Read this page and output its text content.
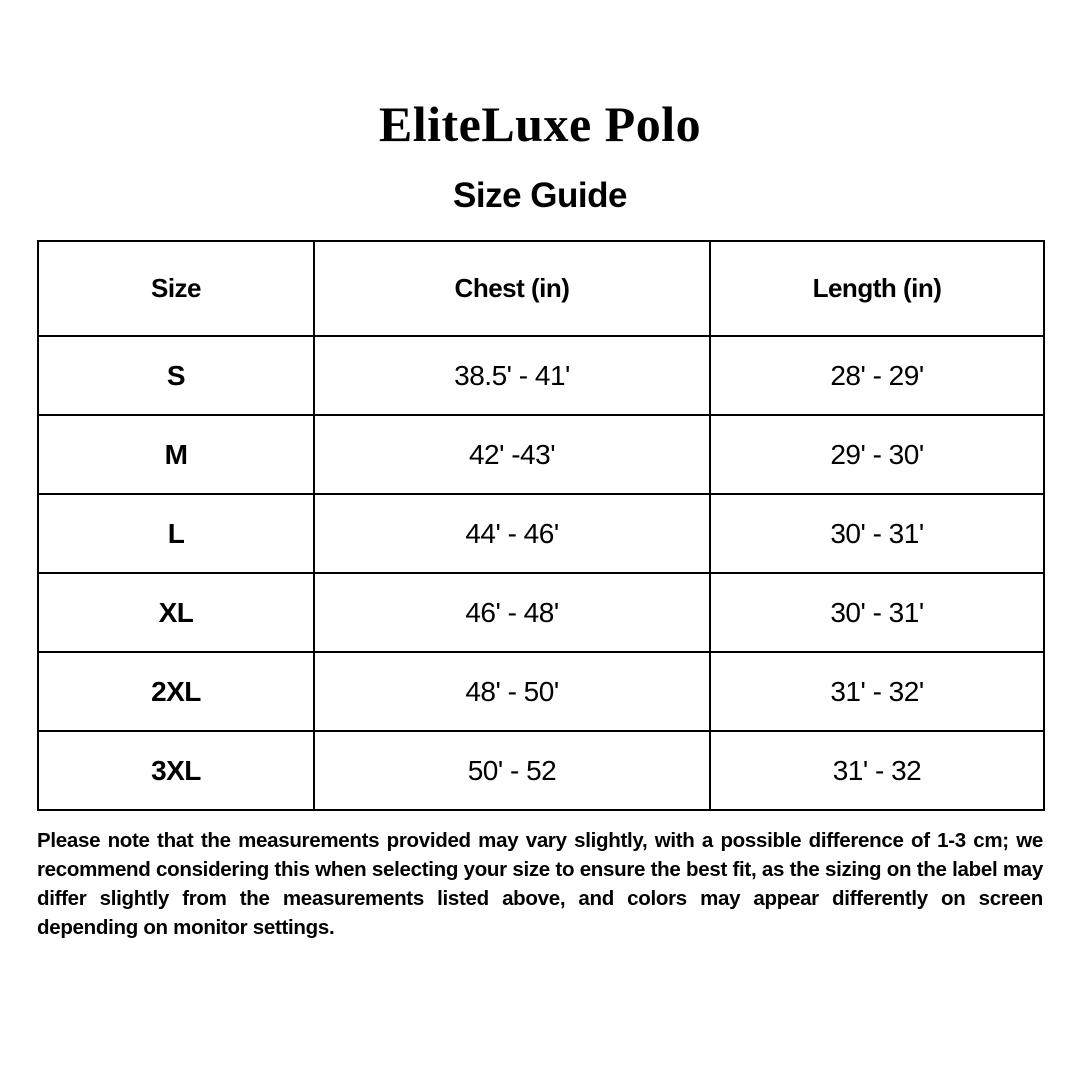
EliteLuxe Polo
Size Guide
Size	Chest (in)	Length (in)
S	38.5' - 41'	28' - 29'
M	42' -43'	29' - 30'
L	44' - 46'	30' - 31'
XL	46' - 48'	30' - 31'
2XL	48' - 50'	31' - 32'
3XL	50' - 52	31' - 32
Please note that the measurements provided may vary slightly, with a possible difference of 1-3 cm; we recommend considering this when selecting your size to ensure the best fit, as the sizing on the label may differ slightly from the measurements listed above, and colors may appear differently on screen depending on monitor settings.
